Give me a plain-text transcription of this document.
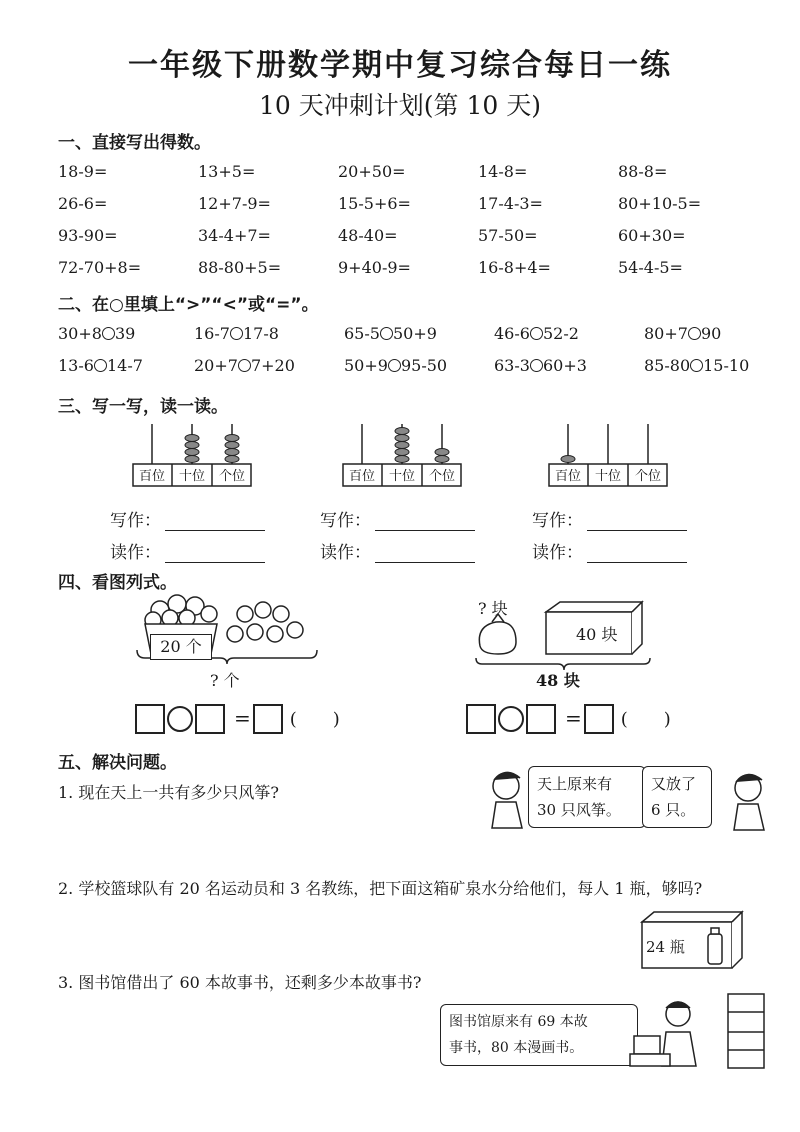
一年级下册数学期中复习综合每日一练
10 天冲刺计划(第 10 天)
一、直接写出得数。
18-9=	13+5=	20+50=	14-8=	88-8=
26-6=	12+7-9=	15-5+6=	17-4-3=	80+10-5=
93-90=	34-4+7=	48-40=	57-50=	60+30=
72-70+8=	88-80+5=	9+40-9=	16-8+4=	54-4-5=
二、在○里填上“>”“<”或“=”。
30+8 39	16-7 17-8	65-5 50+9	46-6 52-2	80+7 90
13-6 14-7	20+7 7+20	50+9 95-50	63-3 60+3	85-80 15-10
三、写一写，读一读。
百位 十位 个位	百位 十位 个位	百位 十位 个位
写作：	写作：	写作：
读作：	读作：	读作：
四、看图列式。
20 个
? 个
? 块
40 块
48 块
= (　　)	= (　　)
五、解决问题。
1. 现在天上一共有多少只风筝?	天上原来有
30 只风筝。
又放了
6 只。
2. 学校篮球队有 20 名运动员和 3 名教练，把下面这箱矿泉水分给他们，每人 1 瓶，够吗?
24 瓶
3. 图书馆借出了 60 本故事书，还剩多少本故事书?
图书馆原来有 69 本故
事书，80 本漫画书。
